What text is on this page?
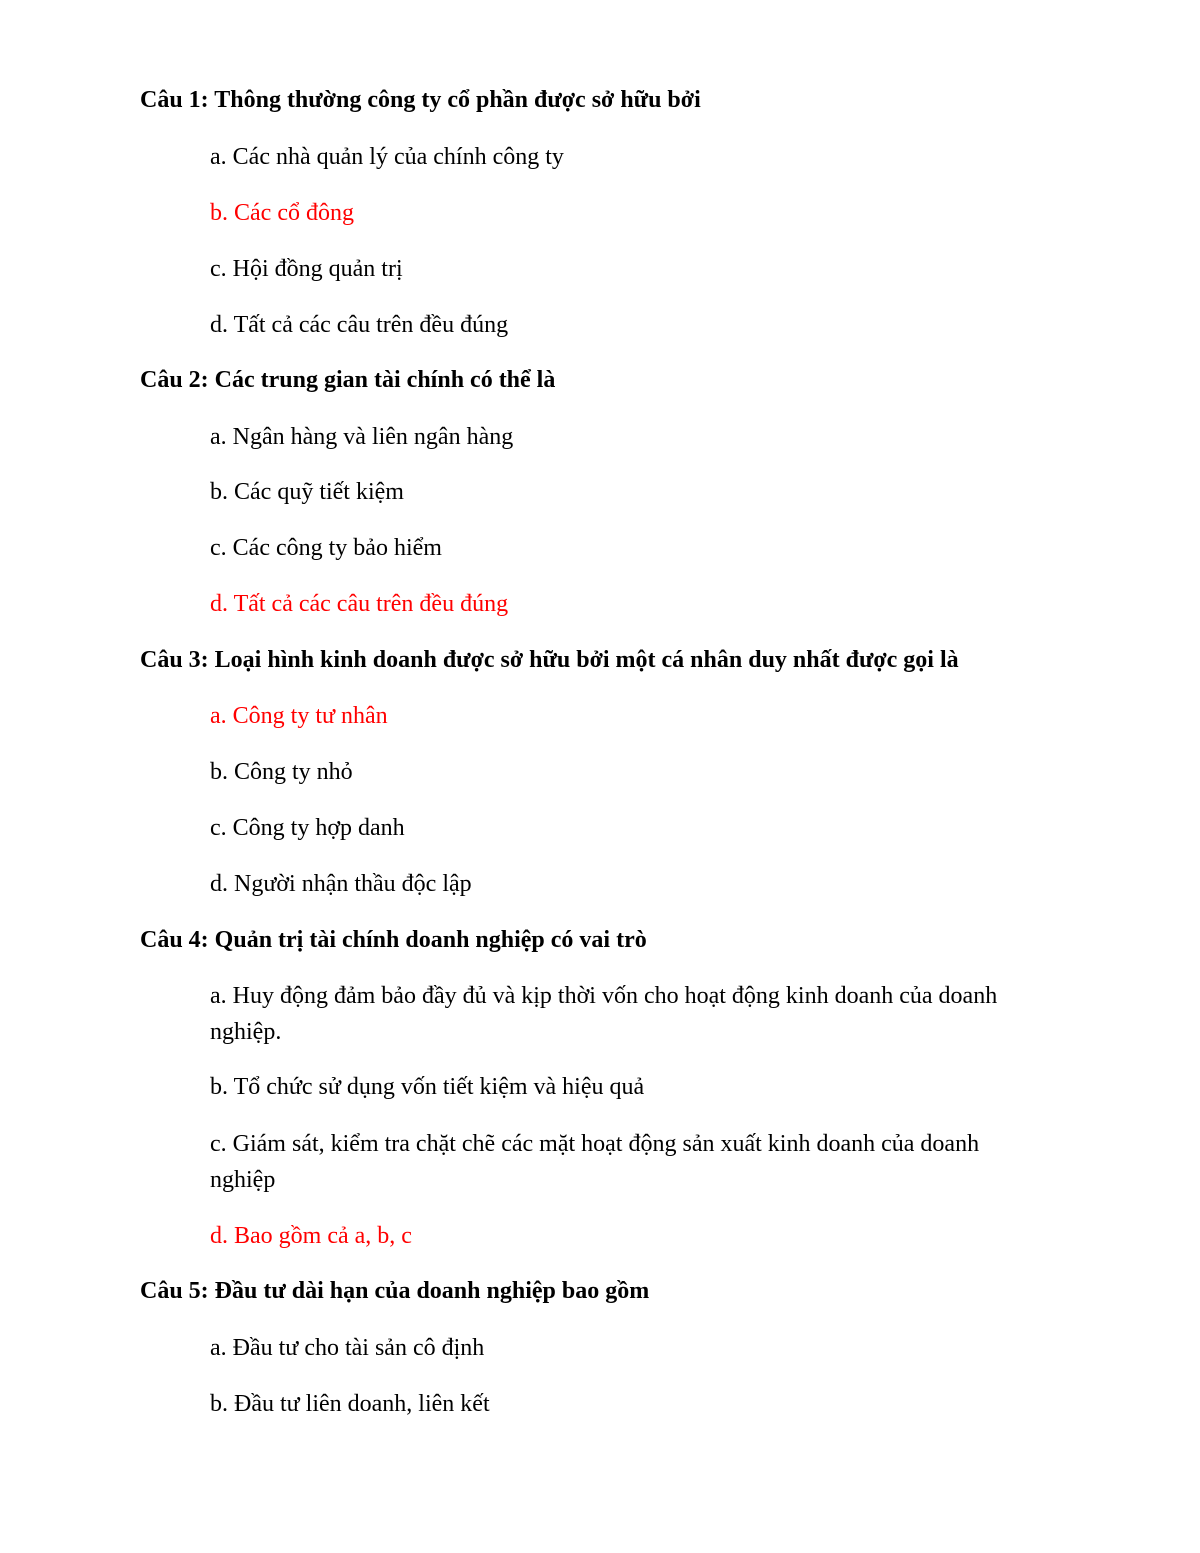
Câu 1: Thông thường công ty cổ phần được sở hữu bởi

a. Các nhà quản lý của chính công ty

b. Các cổ đông

c. Hội đồng quản trị

d. Tất cả các câu trên đều đúng

Câu 2: Các trung gian tài chính có thể là

a. Ngân hàng và liên ngân hàng

b. Các quỹ tiết kiệm

c. Các công ty bảo hiểm

d. Tất cả các câu trên đều đúng

Câu 3: Loại hình kinh doanh được sở hữu bởi một cá nhân duy nhất được gọi là

a. Công ty tư nhân

b. Công ty nhỏ

c. Công ty hợp danh

d. Người nhận thầu độc lập

Câu 4: Quản trị tài chính doanh nghiệp có vai trò

a. Huy động đảm bảo đầy đủ và kịp thời vốn cho hoạt động kinh doanh của doanh nghiệp.

b. Tổ chức sử dụng vốn tiết kiệm và hiệu quả

c. Giám sát, kiểm tra chặt chẽ các mặt hoạt động sản xuất kinh doanh của doanh nghiệp

d. Bao gồm cả a, b, c

Câu 5: Đầu tư dài hạn của doanh nghiệp bao gồm

a. Đầu tư cho tài sản cô định

b. Đầu tư liên doanh, liên kết
